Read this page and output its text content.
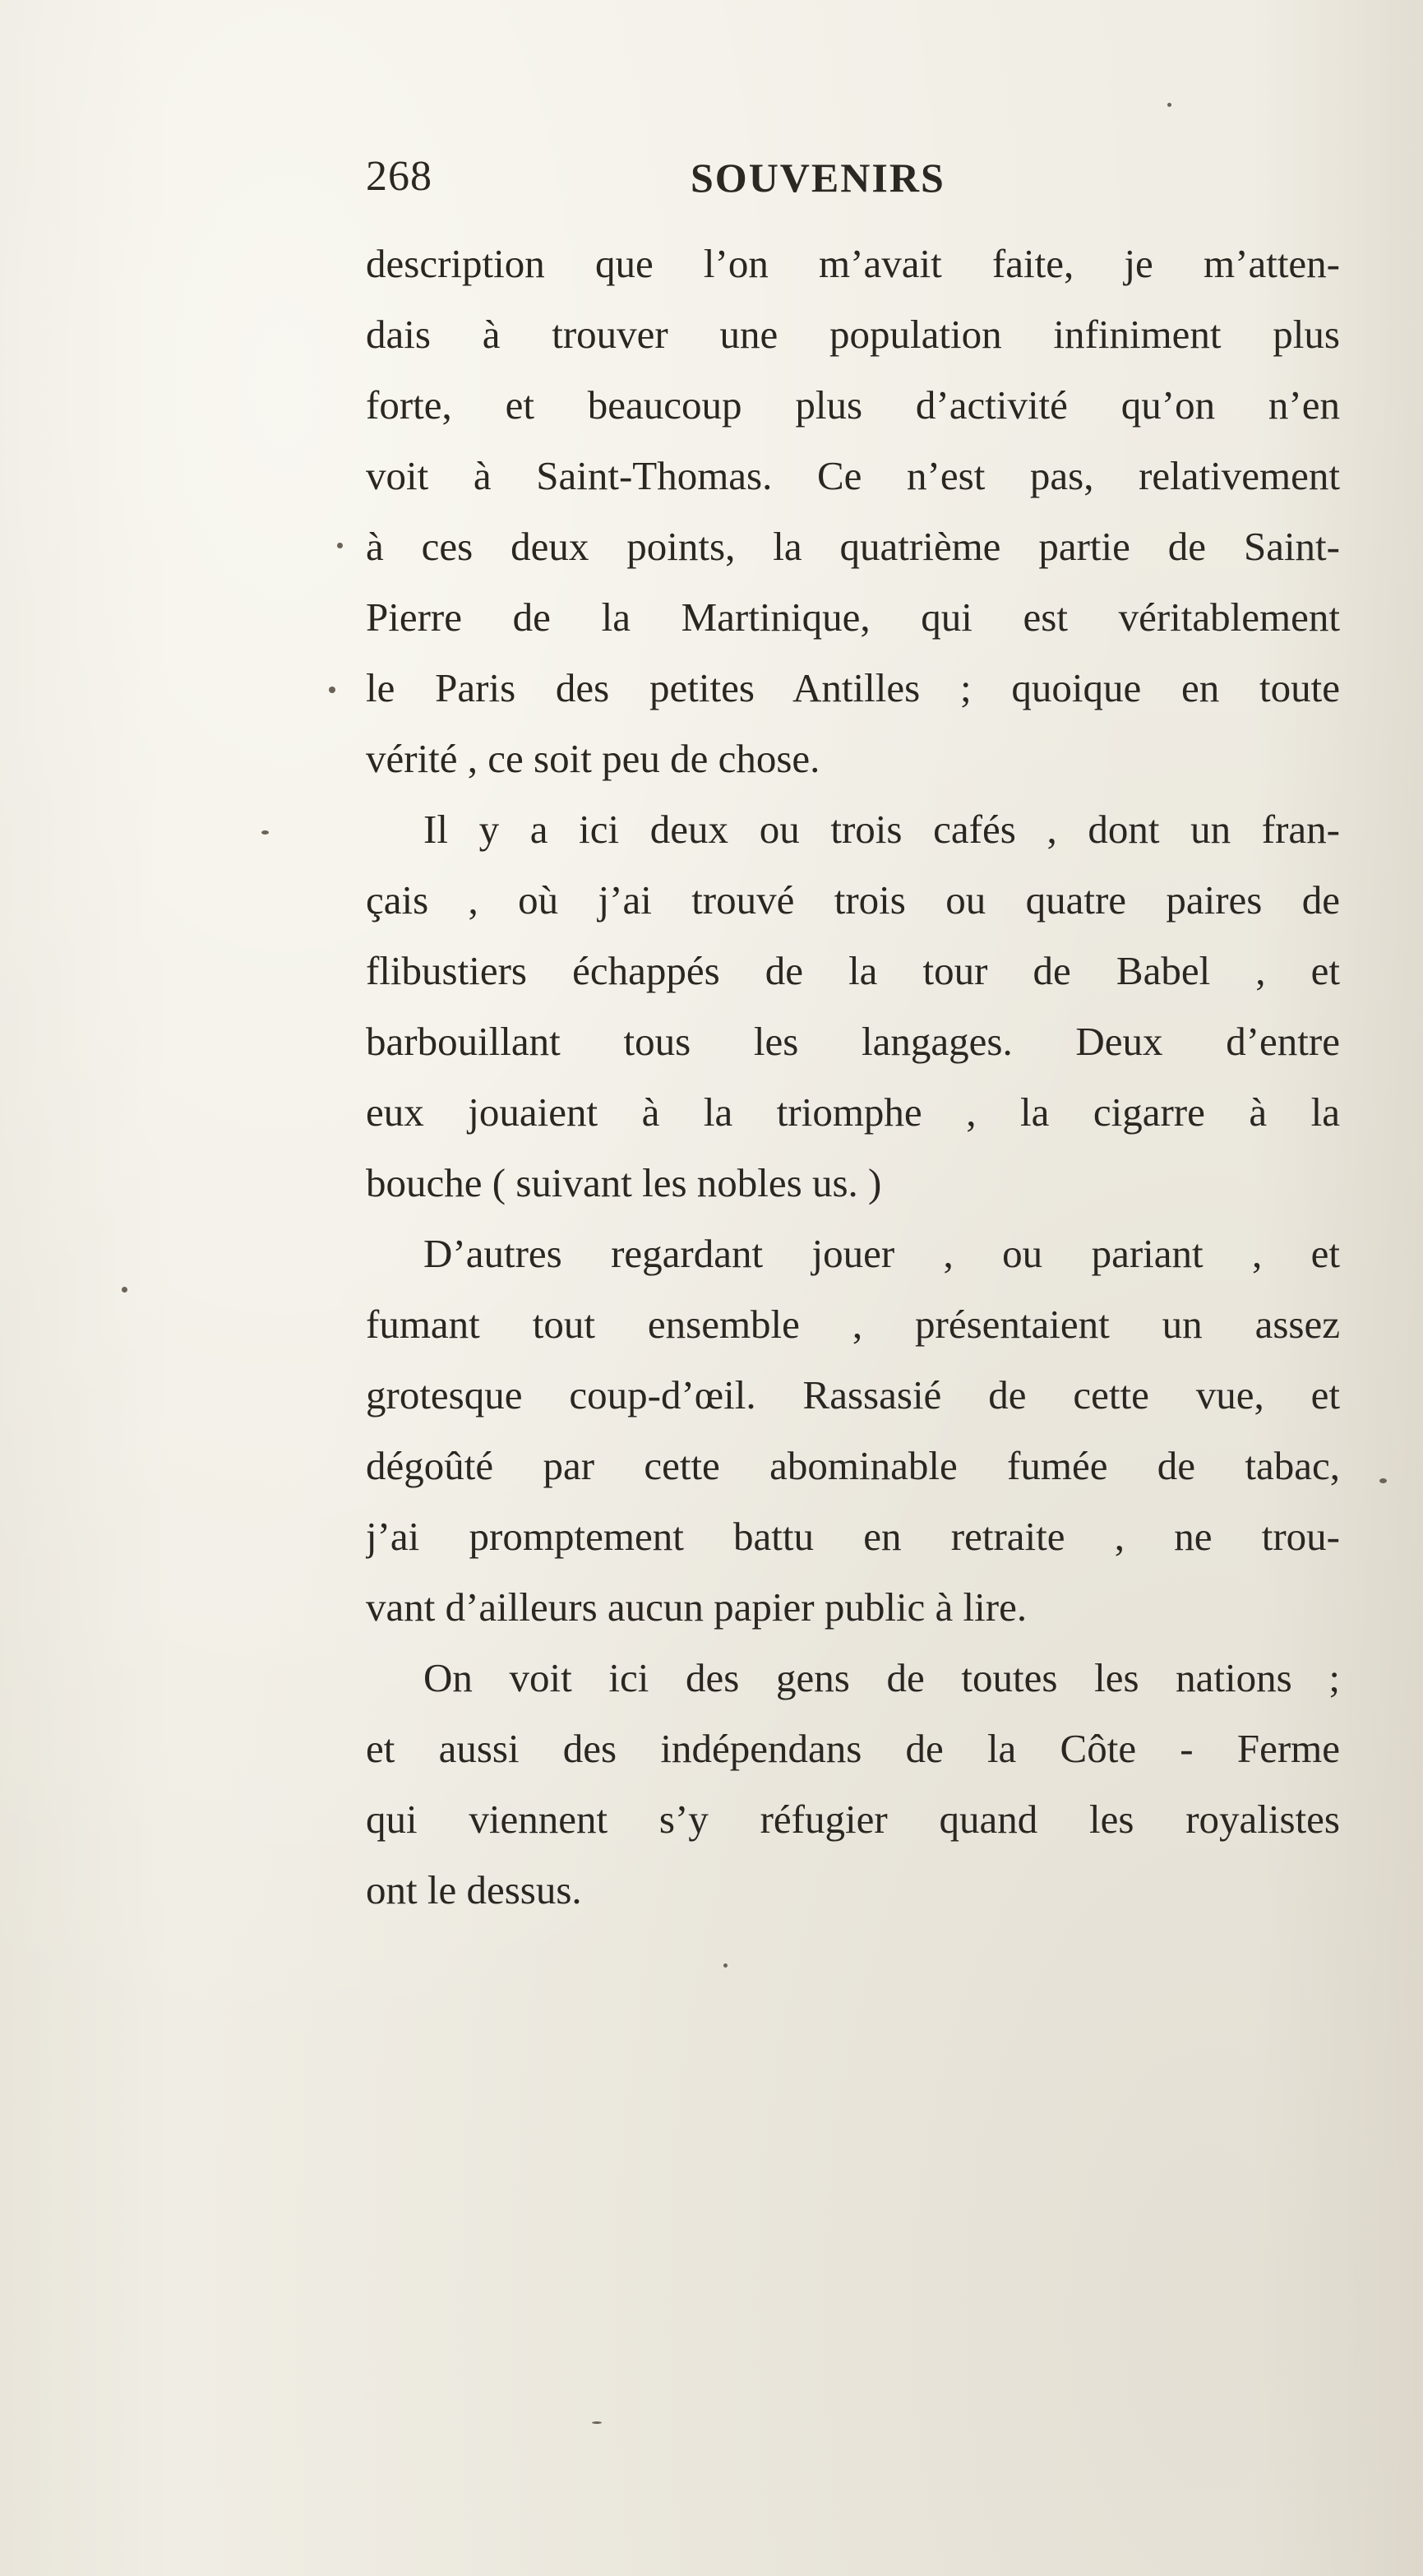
268	SOUVENIRS
description que l’on m’avait faite, je m’atten-
dais à trouver une population infiniment plus
forte, et beaucoup plus d’activité qu’on n’en
voit à Saint-Thomas. Ce n’est pas, relativement
à ces deux points, la quatrième partie de Saint-
Pierre de la Martinique, qui est véritablement
le Paris des petites Antilles ; quoique en toute
vérité , ce soit peu de chose.
Il y a ici deux ou trois cafés , dont un fran-
çais , où j’ai trouvé trois ou quatre paires de
flibustiers échappés de la tour de Babel , et
barbouillant tous les langages. Deux d’entre
eux jouaient à la triomphe , la cigarre à la
bouche ( suivant les nobles us. )
D’autres regardant jouer , ou pariant , et
fumant tout ensemble , présentaient un assez
grotesque coup-d’œil. Rassasié de cette vue, et
dégoûté par cette abominable fumée de tabac,
j’ai promptement battu en retraite , ne trou-
vant d’ailleurs aucun papier public à lire.
On voit ici des gens de toutes les nations ;
et aussi des indépendans de la Côte - Ferme
qui viennent s’y réfugier quand les royalistes
ont le dessus.
